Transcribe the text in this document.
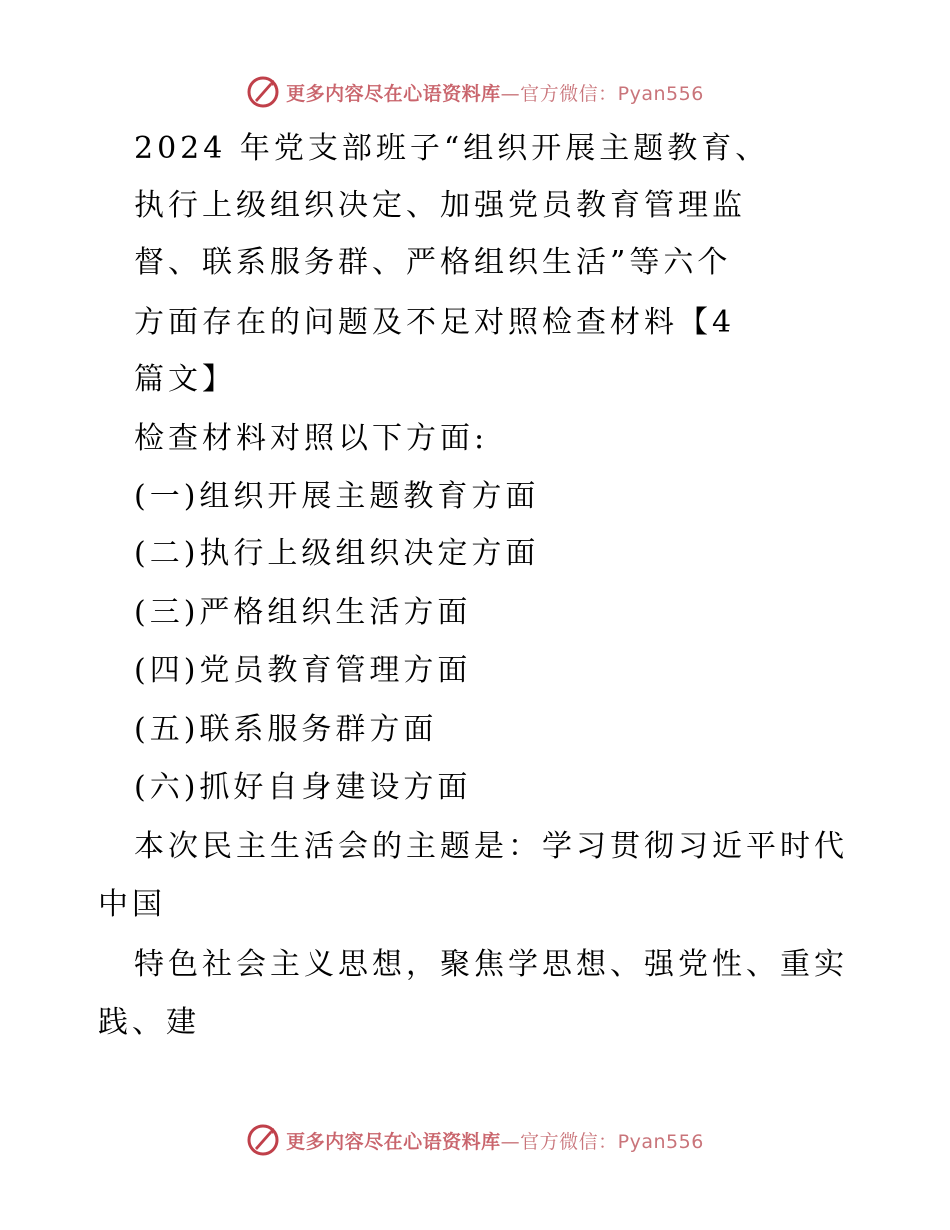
更多内容尽在心语资料库—官方微信：Pyan556
2024 年党支部班子“组织开展主题教育、
执行上级组织决定、加强党员教育管理监
督、联系服务群、严格组织生活”等六个
方面存在的问题及不足对照检查材料【4
篇文】
检查材料对照以下方面:
(一)组织开展主题教育方面
(二)执行上级组织决定方面
(三)严格组织生活方面
(四)党员教育管理方面
(五)联系服务群方面
(六)抓好自身建设方面
本次民主生活会的主题是：学习贯彻习近平时代
中国
特色社会主义思想，聚焦学思想、强党性、重实
践、建
更多内容尽在心语资料库—官方微信：Pyan556
